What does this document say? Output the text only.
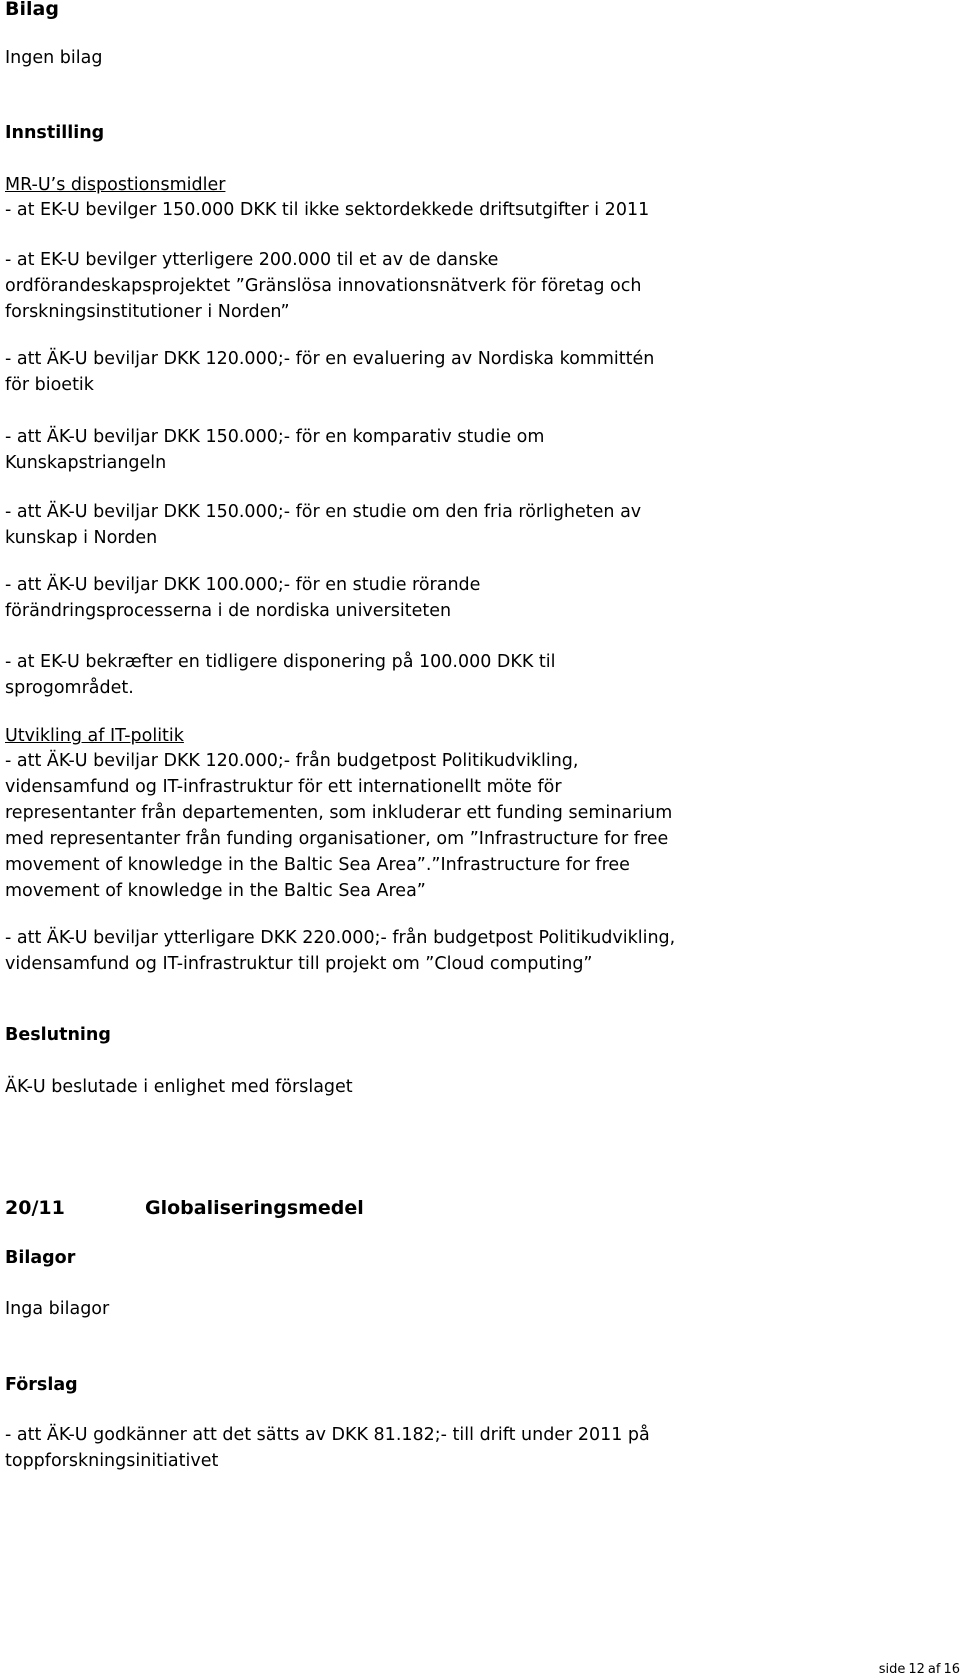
Bilag
Ingen bilag
Innstilling
MR-U’s dispostionsmidler
- at EK-U bevilger 150.000 DKK til ikke sektordekkede driftsutgifter i 2011
- at EK-U bevilger ytterligere 200.000 til et av de danske
ordförandeskapsprojektet ”Gränslösa innovationsnätverk för företag och
forskningsinstitutioner i Norden”
- att ÄK-U beviljar DKK 120.000;- för en evaluering av Nordiska kommittén
för bioetik
- att ÄK-U beviljar DKK 150.000;- för en komparativ studie om
Kunskapstriangeln
- att ÄK-U beviljar DKK 150.000;- för en studie om den fria rörligheten av
kunskap i Norden
- att ÄK-U beviljar DKK 100.000;- för en studie rörande
förändringsprocesserna i de nordiska universiteten
- at EK-U bekræfter en tidligere disponering på 100.000 DKK til
sprogområdet.
Utvikling af IT-politik
- att ÄK-U beviljar DKK 120.000;- från budgetpost Politikudvikling,
vidensamfund og IT-infrastruktur för ett internationellt möte för
representanter från departementen, som inkluderar ett funding seminarium
med representanter från funding organisationer, om ”Infrastructure for free
movement of knowledge in the Baltic Sea Area”.”Infrastructure for free
movement of knowledge in the Baltic Sea Area”
- att ÄK-U beviljar ytterligare DKK 220.000;- från budgetpost Politikudvikling,
vidensamfund og IT-infrastruktur till projekt om ”Cloud computing”
Beslutning
ÄK-U beslutade i enlighet med förslaget
20/11	Globaliseringsmedel
Bilagor
Inga bilagor
Förslag
- att ÄK-U godkänner att det sätts av DKK 81.182;- till drift under 2011 på
toppforskningsinitiativet
side 12 af 16
